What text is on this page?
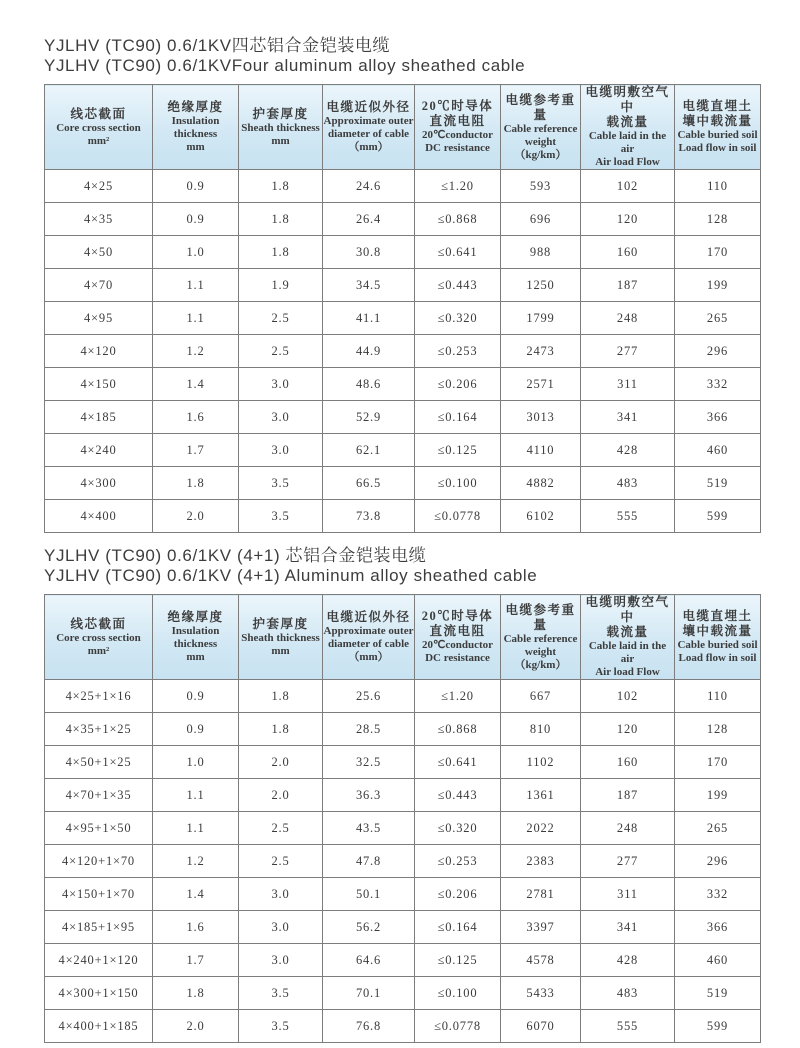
YJLHV (TC90) 0.6/1KV四芯铝合金铠装电缆

YJLHV (TC90) 0.6/1KVFour aluminum alloy sheathed cable

线芯截面
Core cross section
mm²	绝缘厚度
Insulation
thickness
mm	护套厚度
Sheath thickness
mm	电缆近似外径
Approximate outer
diameter of cable
（mm）	20℃时导体
直流电阻
20℃conductor
DC resistance	电缆参考重量
Cable reference
weight
（kg/km）	电缆明敷空气中
载流量
Cable laid in the air
Air load Flow	电缆直埋土
壤中载流量
Cable buried soil
Load flow in soil

4×25	0.9	1.8	24.6	≤1.20	593	102	110
4×35	0.9	1.8	26.4	≤0.868	696	120	128
4×50	1.0	1.8	30.8	≤0.641	988	160	170
4×70	1.1	1.9	34.5	≤0.443	1250	187	199
4×95	1.1	2.5	41.1	≤0.320	1799	248	265
4×120	1.2	2.5	44.9	≤0.253	2473	277	296
4×150	1.4	3.0	48.6	≤0.206	2571	311	332
4×185	1.6	3.0	52.9	≤0.164	3013	341	366
4×240	1.7	3.0	62.1	≤0.125	4110	428	460
4×300	1.8	3.5	66.5	≤0.100	4882	483	519
4×400	2.0	3.5	73.8	≤0.0778	6102	555	599

YJLHV (TC90) 0.6/1KV (4+1) 芯铝合金铠装电缆

YJLHV (TC90) 0.6/1KV (4+1) Aluminum alloy sheathed cable

线芯截面
Core cross section
mm²	绝缘厚度
Insulation
thickness
mm	护套厚度
Sheath thickness
mm	电缆近似外径
Approximate outer
diameter of cable
（mm）	20℃时导体
直流电阻
20℃conductor
DC resistance	电缆参考重量
Cable reference
weight
（kg/km）	电缆明敷空气中
载流量
Cable laid in the air
Air load Flow	电缆直埋土
壤中载流量
Cable buried soil
Load flow in soil

4×25+1×16	0.9	1.8	25.6	≤1.20	667	102	110
4×35+1×25	0.9	1.8	28.5	≤0.868	810	120	128
4×50+1×25	1.0	2.0	32.5	≤0.641	1102	160	170
4×70+1×35	1.1	2.0	36.3	≤0.443	1361	187	199
4×95+1×50	1.1	2.5	43.5	≤0.320	2022	248	265
4×120+1×70	1.2	2.5	47.8	≤0.253	2383	277	296
4×150+1×70	1.4	3.0	50.1	≤0.206	2781	311	332
4×185+1×95	1.6	3.0	56.2	≤0.164	3397	341	366
4×240+1×120	1.7	3.0	64.6	≤0.125	4578	428	460
4×300+1×150	1.8	3.5	70.1	≤0.100	5433	483	519
4×400+1×185	2.0	3.5	76.8	≤0.0778	6070	555	599
